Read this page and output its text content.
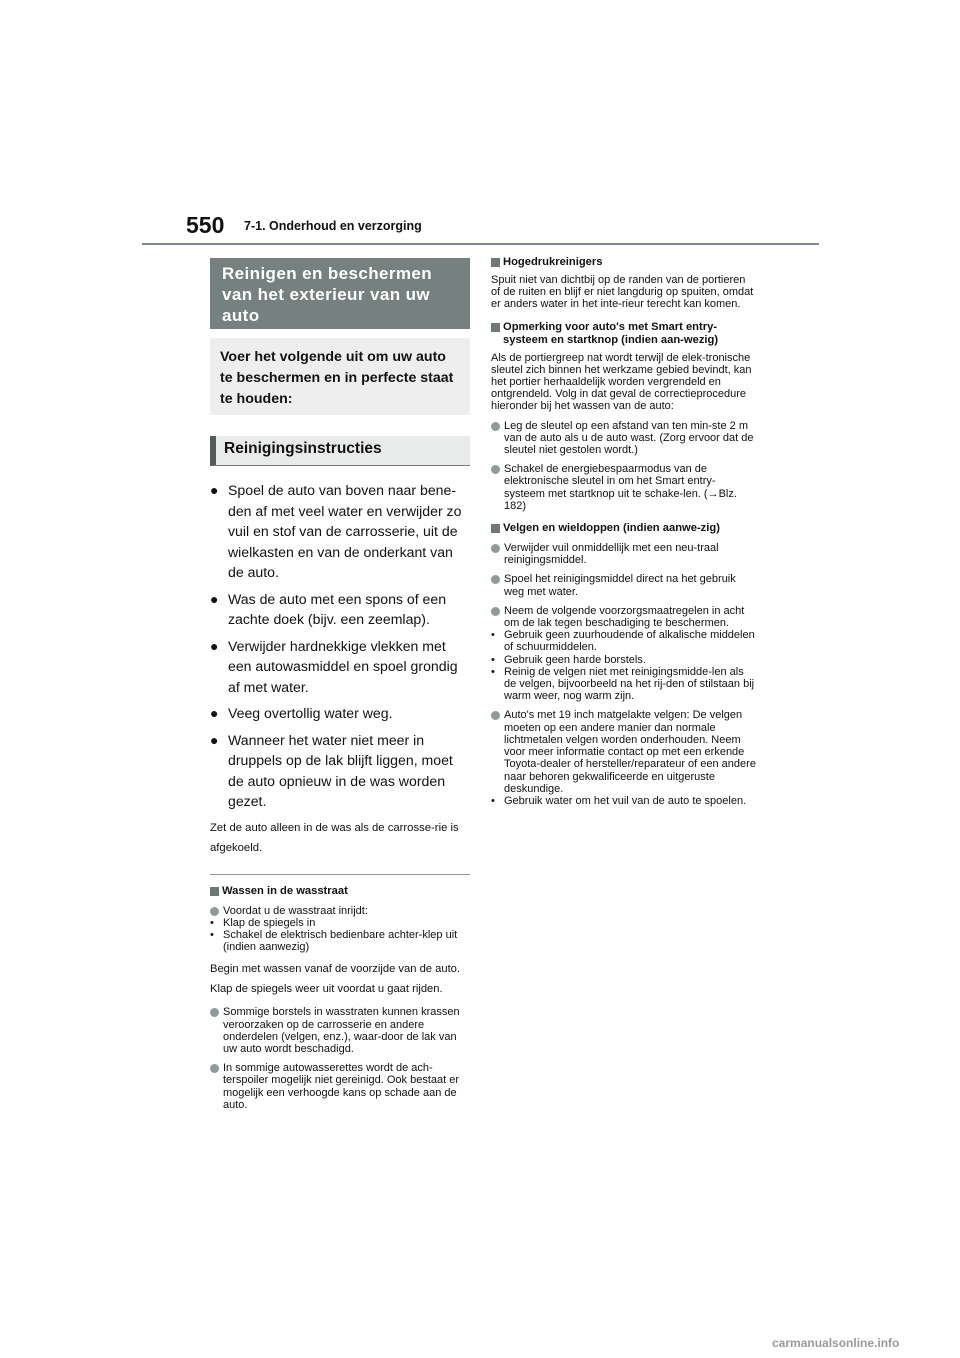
550 7-1. Onderhoud en verzorging
Reinigen en beschermen van het exterieur van uw auto
Voer het volgende uit om uw auto te beschermen en in perfecte staat te houden:
Reinigingsinstructies
● Spoel de auto van boven naar bene-den af met veel water en verwijder zo vuil en stof van de carrosserie, uit de wielkasten en van de onderkant van de auto.
● Was de auto met een spons of een zachte doek (bijv. een zeemlap).
● Verwijder hardnekkige vlekken met een autowasmiddel en spoel grondig af met water.
● Veeg overtollig water weg.
● Wanneer het water niet meer in druppels op de lak blijft liggen, moet de auto opnieuw in de was worden gezet.
Zet de auto alleen in de was als de carrosse-rie is afgekoeld.
Wassen in de wasstraat
Voordat u de wasstraat inrijdt:
• Klap de spiegels in
• Schakel de elektrisch bedienbare achter-klep uit (indien aanwezig)
Begin met wassen vanaf de voorzijde van de auto. Klap de spiegels weer uit voordat u gaat rijden.
Sommige borstels in wasstraten kunnen krassen veroorzaken op de carrosserie en andere onderdelen (velgen, enz.), waar-door de lak van uw auto wordt beschadigd.
In sommige autowasserettes wordt de ach-terspoiler mogelijk niet gereinigd. Ook bestaat er mogelijk een verhoogde kans op schade aan de auto.
Hogedrukreinigers
Spuit niet van dichtbij op de randen van de portieren of de ruiten en blijf er niet langdurig op spuiten, omdat er anders water in het inte-rieur terecht kan komen.
Opmerking voor auto's met Smart entry-systeem en startknop (indien aan-wezig)
Als de portiergreep nat wordt terwijl de elek-tronische sleutel zich binnen het werkzame gebied bevindt, kan het portier herhaaldelijk worden vergrendeld en ontgrendeld. Volg in dat geval de correctieprocedure hieronder bij het wassen van de auto:
Leg de sleutel op een afstand van ten min-ste 2 m van de auto als u de auto wast. (Zorg ervoor dat de sleutel niet gestolen wordt.)
Schakel de energiebespaarmodus van de elektronische sleutel in om het Smart entry-systeem met startknop uit te schake-len. (→Blz. 182)
Velgen en wieldoppen (indien aanwe-zig)
Verwijder vuil onmiddellijk met een neu-traal reinigingsmiddel.
Spoel het reinigingsmiddel direct na het gebruik weg met water.
Neem de volgende voorzorgsmaatregelen in acht om de lak tegen beschadiging te beschermen.
• Gebruik geen zuurhoudende of alkalische middelen of schuurmiddelen.
• Gebruik geen harde borstels.
• Reinig de velgen niet met reinigingsmidde-len als de velgen, bijvoorbeeld na het rij-den of stilstaan bij warm weer, nog warm zijn.
Auto's met 19 inch matgelakte velgen: De velgen moeten op een andere manier dan normale lichtmetalen velgen worden onderhouden. Neem voor meer informatie contact op met een erkende Toyota-dealer of hersteller/reparateur of een andere naar behoren gekwalificeerde en uitgeruste deskundige.
• Gebruik water om het vuil van de auto te spoelen.
carmanualsonline.info
